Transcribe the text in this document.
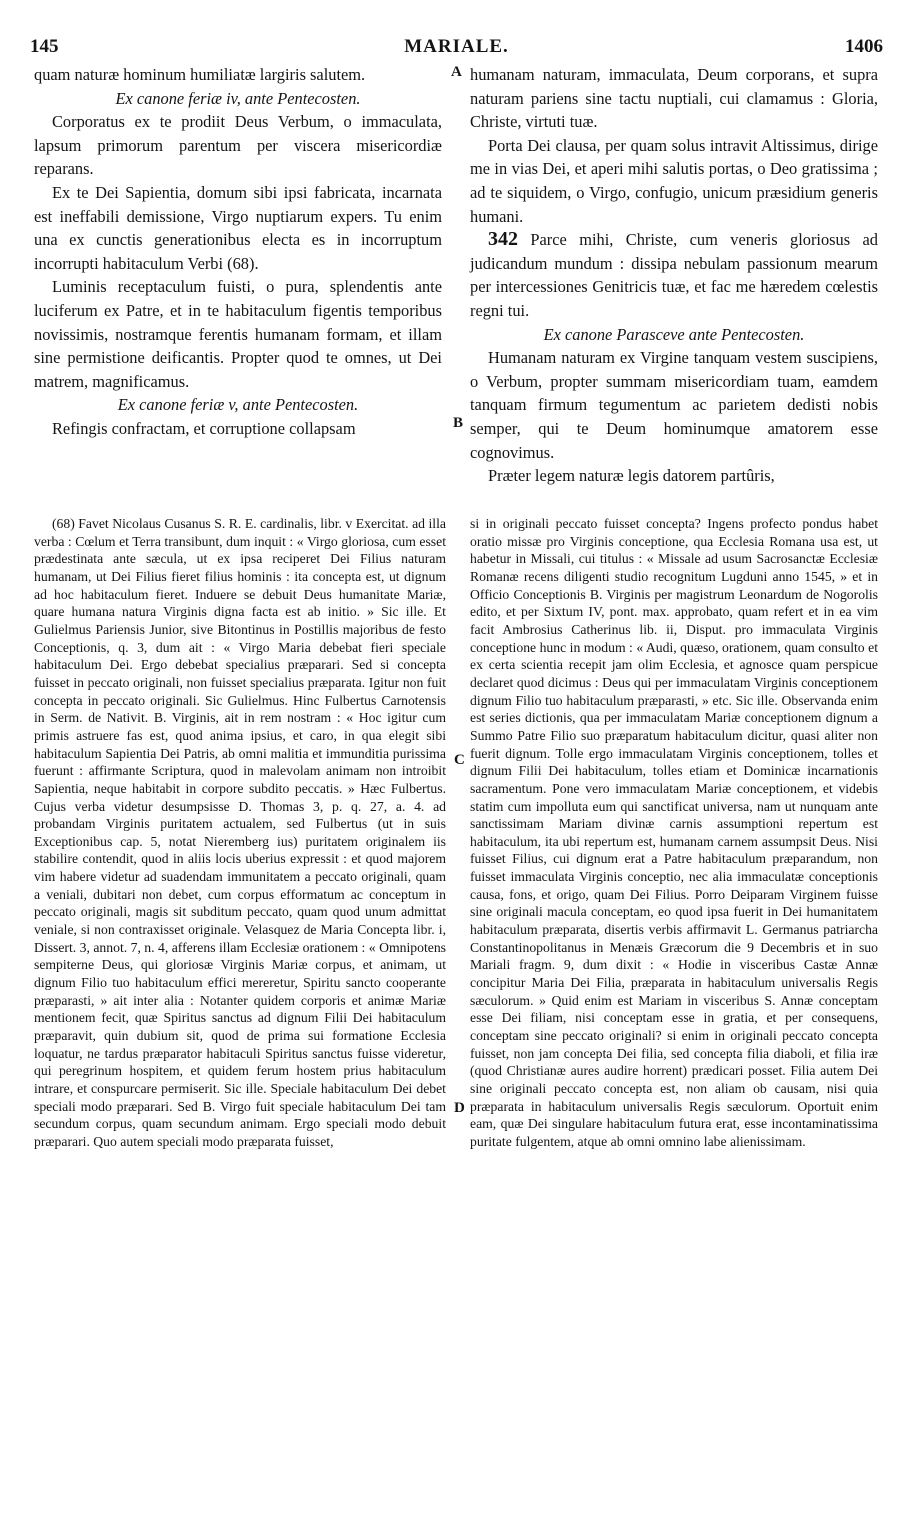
145	MARIALE.	1406

quam naturæ hominum humiliatæ largiris salutem.

Ex canone feriæ iv, ante Pentecosten.

Corporatus ex te prodiit Deus Verbum, o immaculata, lapsum primorum parentum per viscera misericordiæ reparans.

Ex te Dei Sapientia, domum sibi ipsi fabricata, incarnata est ineffabili demissione, Virgo nuptiarum expers. Tu enim una ex cunctis generationibus electa es in incorruptum incorrupti habitaculum Verbi (68).

Luminis receptaculum fuisti, o pura, splendentis ante luciferum ex Patre, et in te habitaculum figentis temporibus novissimis, nostramque ferentis humanam formam, et illam sine permistione deificantis. Propter quod te omnes, ut Dei matrem, magnificamus.

Ex canone feriæ v, ante Pentecosten.

Refingis confractam, et corruptione collapsam

humanam naturam, immaculata, Deum corporans, et supra naturam pariens sine tactu nuptiali, cui clamamus : Gloria, Christe, virtuti tuæ.

Porta Dei clausa, per quam solus intravit Altissimus, dirige me in vias Dei, et aperi mihi salutis portas, o Deo gratissima ; ad te siquidem, o Virgo, confugio, unicum præsidium generis humani.

342 Parce mihi, Christe, cum veneris gloriosus ad judicandum mundum : dissipa nebulam passionum mearum per intercessiones Genitricis tuæ, et fac me hæredem cœlestis regni tui.

Ex canone Parasceve ante Pentecosten.

Humanam naturam ex Virgine tanquam vestem suscipiens, o Verbum, propter summam misericordiam tuam, eamdem tanquam firmum tegumentum ac parietem dedisti nobis semper, qui te Deum hominumque amatorem esse cognovimus.

Præter legem naturæ legis datorem partûris,

A
B
C
D

(68) Favet Nicolaus Cusanus S. R. E. cardinalis, libr. v Exercitat. ad illa verba : Cœlum et Terra transibunt, dum inquit : « Virgo gloriosa, cum esset prædestinata ante sæcula, ut ex ipsa reciperet Dei Filius naturam humanam, ut Dei Filius fieret filius hominis : ita concepta est, ut dignum ad hoc habitaculum fieret. Induere se debuit Deus humanitate Mariæ, quare humana natura Virginis digna facta est ab initio. » Sic ille. Et Gulielmus Pariensis Junior, sive Bitontinus in Postillis majoribus de festo Conceptionis, q. 3, dum ait : « Virgo Maria debebat fieri speciale habitaculum Dei. Ergo debebat specialius præparari. Sed si concepta fuisset in peccato originali, non fuisset specialius præparata. Igitur non fuit concepta in peccato originali. Sic Gulielmus. Hinc Fulbertus Carnotensis in Serm. de Nativit. B. Virginis, ait in rem nostram : « Hoc igitur cum primis astruere fas est, quod anima ipsius, et caro, in qua elegit sibi habitaculum Sapientia Dei Patris, ab omni malitia et immunditia purissima fuerunt : affirmante Scriptura, quod in malevolam animam non introibit Sapientia, neque habitabit in corpore subdito peccatis. » Hæc Fulbertus. Cujus verba videtur desumpsisse D. Thomas 3, p. q. 27, a. 4. ad probandam Virginis puritatem actualem, sed Fulbertus (ut in suis Exceptionibus cap. 5, notat Nieremberg ius) puritatem originalem iis stabilire contendit, quod in aliis locis uberius expressit : et quod majorem vim habere videtur ad suadendam immunitatem a peccato originali, quam a veniali, dubitari non debet, cum corpus efformatum ac conceptum in peccato originali, magis sit subditum peccato, quam quod unum admittat veniale, si non contraxisset originale. Velasquez de Maria Concepta libr. i, Dissert. 3, annot. 7, n. 4, afferens illam Ecclesiæ orationem : « Omnipotens sempiterne Deus, qui gloriosæ Virginis Mariæ corpus, et animam, ut dignum Filio tuo habitaculum effici mereretur, Spiritu sancto cooperante præparasti, » ait inter alia : Notanter quidem corporis et animæ Mariæ mentionem fecit, quæ Spiritus sanctus ad dignum Filii Dei habitaculum præparavit, quin dubium sit, quod de prima sui formatione Ecclesia loquatur, ne tardus præparator habitaculi Spiritus sanctus fuisse videretur, qui peregrinum hospitem, et quidem ferum hostem prius habitaculum intrare, et conspurcare permiserit. Sic ille. Speciale habitaculum Dei debet speciali modo præparari. Sed B. Virgo fuit speciale habitaculum Dei tam secundum corpus, quam secundum animam. Ergo speciali modo debuit præparari. Quo autem speciali modo præparata fuisset,

si in originali peccato fuisset concepta? Ingens profecto pondus habet oratio missæ pro Virginis conceptione, qua Ecclesia Romana usa est, ut habetur in Missali, cui titulus : « Missale ad usum Sacrosanctæ Ecclesiæ Romanæ recens diligenti studio recognitum Lugduni anno 1545, » et in Officio Conceptionis B. Virginis per magistrum Leonardum de Nogorolis edito, et per Sixtum IV, pont. max. approbato, quam refert et in ea vim facit Ambrosius Catherinus lib. ii, Disput. pro immaculata Virginis conceptione hunc in modum : « Audi, quæso, orationem, quam consulto et ex certa scientia recepit jam olim Ecclesia, et agnosce quam perspicue declaret quod dicimus : Deus qui per immaculatam Virginis conceptionem dignum Filio tuo habitaculum præparasti, » etc. Sic ille. Observanda enim est series dictionis, qua per immaculatam Mariæ conceptionem dignum a Summo Patre Filio suo præparatum habitaculum dicitur, quasi aliter non fuerit dignum. Tolle ergo immaculatam Virginis conceptionem, tolles et dignum Filii Dei habitaculum, tolles etiam et Dominicæ incarnationis sacramentum. Pone vero immaculatam Mariæ conceptionem, et videbis statim cum impolluta eum qui sanctificat universa, nam ut nunquam ante sanctissimam Mariam divinæ carnis assumptioni repertum est habitaculum, ita ubi repertum est, humanam carnem assumpsit Deus. Nisi fuisset Filius, cui dignum erat a Patre habitaculum præparandum, non fuisset immaculata Virginis conceptio, nec alia immaculatæ conceptionis causa, fons, et origo, quam Dei Filius. Porro Deiparam Virginem fuisse sine originali macula conceptam, eo quod ipsa fuerit in Dei humanitatem habitaculum præparata, disertis verbis affirmavit L. Germanus patriarcha Constantinopolitanus in Menæis Græcorum die 9 Decembris et in suo Mariali fragm. 9, dum dixit : « Hodie in visceribus Castæ Annæ concipitur Maria Dei Filia, præparata in habitaculum universalis Regis sæculorum. » Quid enim est Mariam in visceribus S. Annæ conceptam esse Dei filiam, nisi conceptam esse in gratia, et per consequens, conceptam sine peccato originali? si enim in originali peccato concepta fuisset, non jam concepta Dei filia, sed concepta filia diaboli, et filia iræ (quod Christianæ aures audire horrent) prædicari posset. Filia autem Dei sine originali peccato concepta est, non aliam ob causam, nisi quia præparata in habitaculum universalis Regis sæculorum. Oportuit enim eam, quæ Dei singulare habitaculum futura erat, esse incontaminatissima puritate fulgentem, atque ab omni omnino labe alienissimam.
